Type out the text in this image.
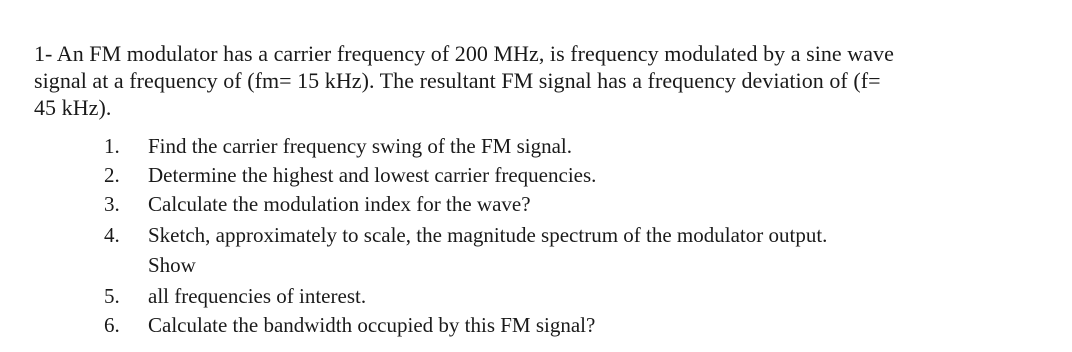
1- An FM modulator has a carrier frequency of 200 MHz, is frequency modulated by a sine wave
signal at a frequency of (fm= 15 kHz). The resultant FM signal has a frequency deviation of (f=
45 kHz).
1. Find the carrier frequency swing of the FM signal.
2. Determine the highest and lowest carrier frequencies.
3. Calculate the modulation index for the wave?
4. Sketch, approximately to scale, the magnitude spectrum of the modulator output.
Show
5. all frequencies of interest.
6. Calculate the bandwidth occupied by this FM signal?
